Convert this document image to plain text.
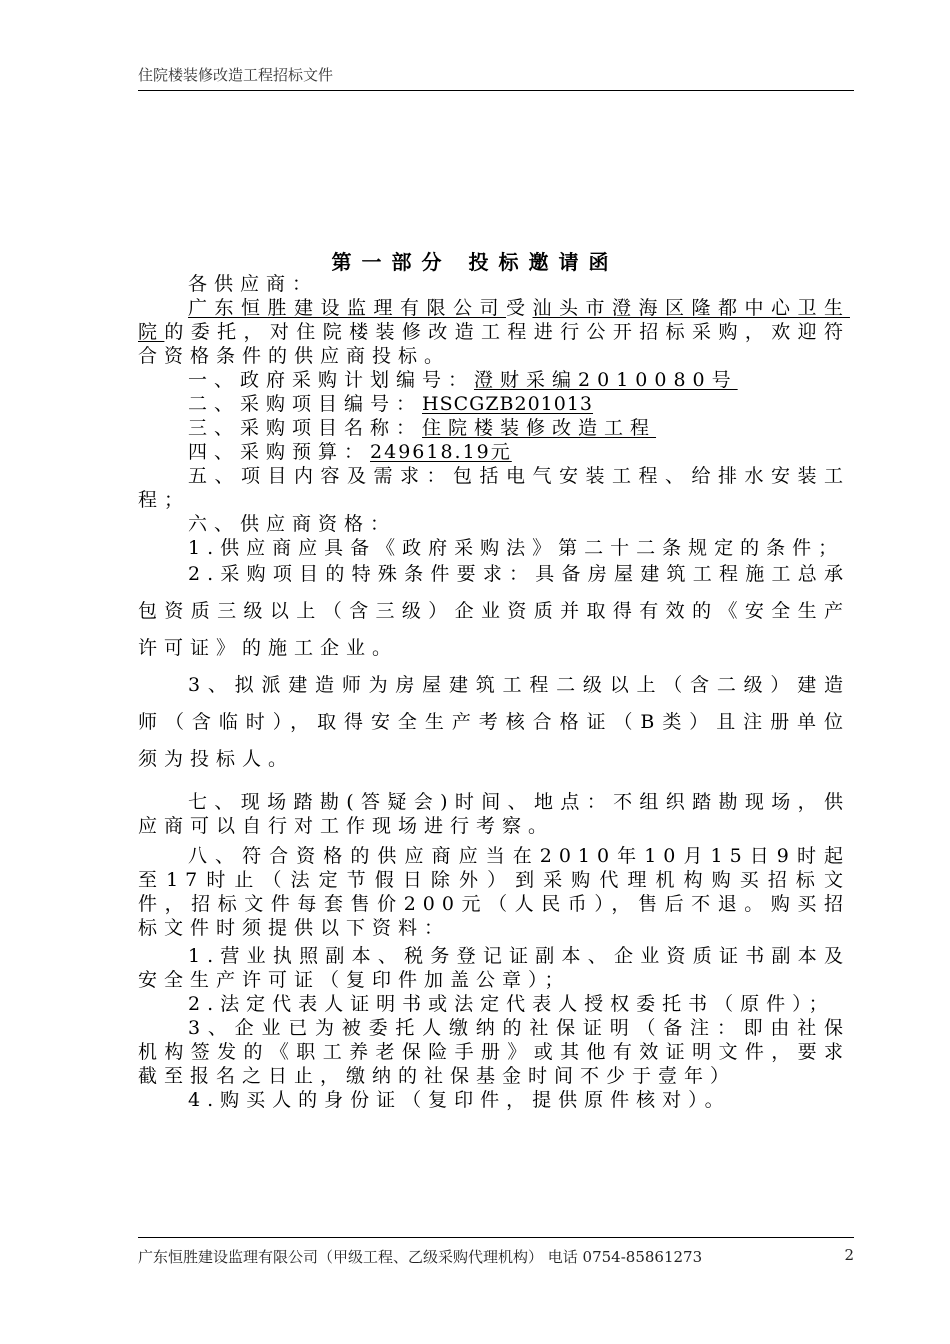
住院楼装修改造工程招标文件
第一部分 投标邀请函

各供应商：

广东恒胜建设监理有限公司受汕头市澄海区隆都中心卫生院的委托，对住院楼装修改造工程进行公开招标采购，欢迎符合资格条件的供应商投标。

一、政府采购计划编号：澄财采编2010080号

二、采购项目编号：HSCGZB201013

三、采购项目名称：住院楼装修改造工程

四、采购预算：249618.19元

五、项目内容及需求：包括电气安装工程、给排水安装工程；

六、供应商资格：

1.供应商应具备《政府采购法》第二十二条规定的条件；

2.采购项目的特殊条件要求：具备房屋建筑工程施工总承包资质三级以上（含三级）企业资质并取得有效的《安全生产许可证》的施工企业。

3、拟派建造师为房屋建筑工程二级以上（含二级）建造师（含临时），取得安全生产考核合格证（B类）且注册单位须为投标人。

七、现场踏勘(答疑会)时间、地点：不组织踏勘现场，供应商可以自行对工作现场进行考察。

八、符合资格的供应商应当在2010年10月15日9时起至17时止（法定节假日除外）到采购代理机构购买招标文件，招标文件每套售价200元（人民币），售后不退。购买招标文件时须提供以下资料：

1.营业执照副本、税务登记证副本、企业资质证书副本及安全生产许可证（复印件加盖公章）；

2.法定代表人证明书或法定代表人授权委托书（原件）；

3、企业已为被委托人缴纳的社保证明（备注：即由社保机构签发的《职工养老保险手册》或其他有效证明文件，要求截至报名之日止，缴纳的社保基金时间不少于壹年）

4.购买人的身份证（复印件，提供原件核对）。

广东恒胜建设监理有限公司（甲级工程、乙级采购代理机构） 电话 0754-85861273	2
